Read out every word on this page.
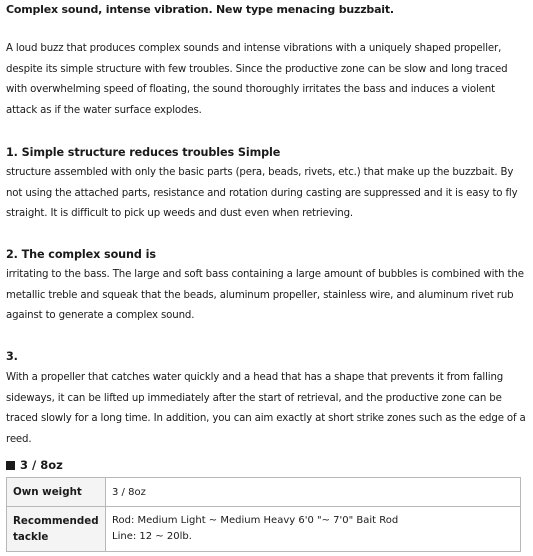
Complex sound, intense vibration. New type menacing buzzbait.
A loud buzz that produces complex sounds and intense vibrations with a uniquely shaped propeller, despite its simple structure with few troubles. Since the productive zone can be slow and long traced with overwhelming speed of floating, the sound thoroughly irritates the bass and induces a violent attack as if the water surface explodes.
1. Simple structure reduces troubles Simple
structure assembled with only the basic parts (pera, beads, rivets, etc.) that make up the buzzbait. By not using the attached parts, resistance and rotation during casting are suppressed and it is easy to fly straight. It is difficult to pick up weeds and dust even when retrieving.
2. The complex sound is
irritating to the bass. The large and soft bass containing a large amount of bubbles is combined with the metallic treble and squeak that the beads, aluminum propeller, stainless wire, and aluminum rivet rub against to generate a complex sound.
3.
With a propeller that catches water quickly and a head that has a shape that prevents it from falling sideways, it can be lifted up immediately after the start of retrieval, and the productive zone can be traced slowly for a long time. In addition, you can aim exactly at short strike zones such as the edge of a reed.
3 / 8oz
Own weight	3 / 8oz

Recommended
tackle	Rod: Medium Light ~ Medium Heavy 6'0 "~ 7'0" Bait Rod
Line: 12 ~ 20lb.
